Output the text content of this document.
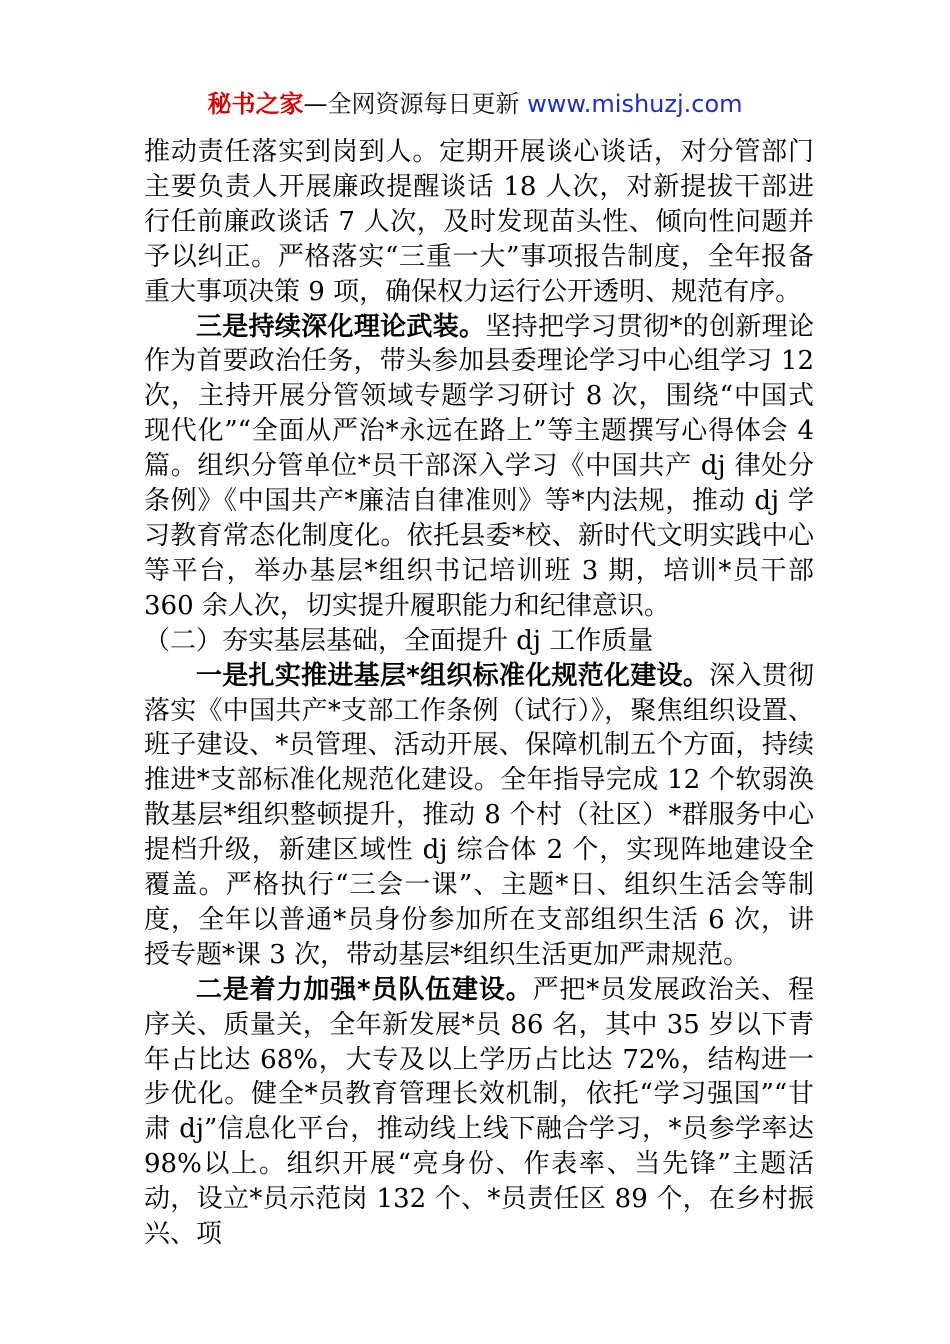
秘书之家—全网资源每日更新 www.mishuzj.com

推动责任落实到岗到人。定期开展谈心谈话，对分管部门主要负责人开展廉政提醒谈话 18 人次，对新提拔干部进行任前廉政谈话 7 人次，及时发现苗头性、倾向性问题并予以纠正。严格落实“三重一大”事项报告制度，全年报备重大事项决策 9 项，确保权力运行公开透明、规范有序。

三是持续深化理论武装。坚持把学习贯彻*的创新理论作为首要政治任务，带头参加县委理论学习中心组学习 12 次，主持开展分管领域专题学习研讨 8 次，围绕“中国式现代化”“全面从严治*永远在路上”等主题撰写心得体会 4 篇。组织分管单位*员干部深入学习《中国共产 dj 律处分条例》《中国共产*廉洁自律准则》等*内法规，推动 dj 学习教育常态化制度化。依托县委*校、新时代文明实践中心等平台，举办基层*组织书记培训班 3 期，培训*员干部 360 余人次，切实提升履职能力和纪律意识。

（二）夯实基层基础，全面提升 dj 工作质量

一是扎实推进基层*组织标准化规范化建设。深入贯彻落实《中国共产*支部工作条例（试行）》，聚焦组织设置、班子建设、*员管理、活动开展、保障机制五个方面，持续推进*支部标准化规范化建设。全年指导完成 12 个软弱涣散基层*组织整顿提升，推动 8 个村（社区）*群服务中心提档升级，新建区域性 dj 综合体 2 个，实现阵地建设全覆盖。严格执行“三会一课”、主题*日、组织生活会等制度，全年以普通*员身份参加所在支部组织生活 6 次，讲授专题*课 3 次，带动基层*组织生活更加严肃规范。

二是着力加强*员队伍建设。严把*员发展政治关、程序关、质量关，全年新发展*员 86 名，其中 35 岁以下青年占比达 68%，大专及以上学历占比达 72%，结构进一步优化。健全*员教育管理长效机制，依托“学习强国”“甘肃 dj”信息化平台，推动线上线下融合学习，*员参学率达 98%以上。组织开展“亮身份、作表率、当先锋”主题活动，设立*员示范岗 132 个、*员责任区 89 个，在乡村振兴、项
